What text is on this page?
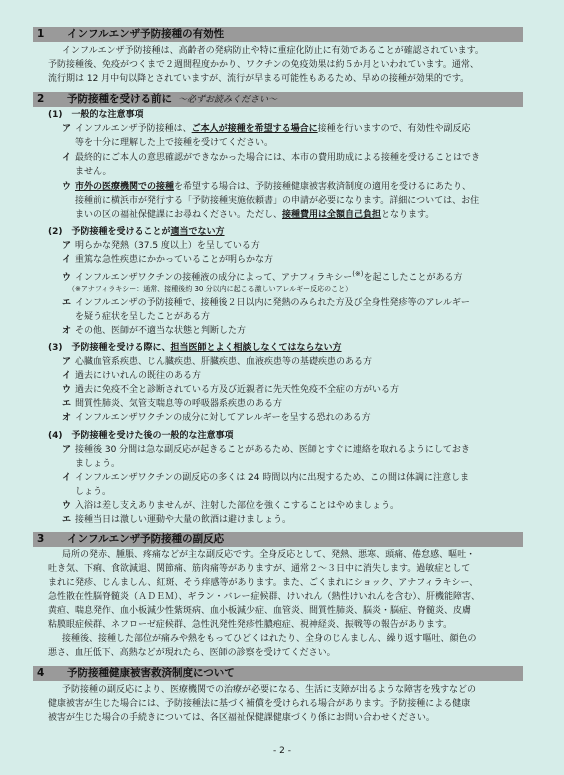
1 インフルエンザ予防接種の有効性
インフルエンザ予防接種は、高齢者の発病防止や特に重症化防止に有効であることが確認されています。
予防接種後、免疫がつくまで２週間程度かかり、ワクチンの免疫効果は約５か月といわれています。通常、
流行期は 12 月中旬以降とされていますが、流行が早まる可能性もあるため、早めの接種が効果的です。
2 予防接種を受ける前に ～必ずお読みください～
(1)　一般的な注意事項
ア インフルエンザ予防接種は、ご本人が接種を希望する場合に接種を行いますので、有効性や副反応
等を十分に理解した上で接種を受けてください。
イ 最終的にご本人の意思確認ができなかった場合には、本市の費用助成による接種を受けることはでき
ません。
ウ 市外の医療機関での接種を希望する場合は、予防接種健康被害救済制度の適用を受けるにあたり、
接種前に横浜市が発行する「予防接種実施依頼書」の申請が必要になります。詳細については、お住
まいの区の福祉保健課にお尋ねください。ただし、接種費用は全額自己負担となります。
(2)　予防接種を受けることが適当でない方
ア 明らかな発熱（37.5 度以上）を呈している方
イ 重篤な急性疾患にかかっていることが明らかな方
ウ インフルエンザワクチンの接種液の成分によって、アナフィラキシー(※)を起こしたことがある方
（※アナフィラキシー：通常、接種後約 30 分以内に起こる激しいアレルギー反応のこと）
エ インフルエンザの予防接種で、接種後２日以内に発熱のみられた方及び全身性発疹等のアレルギー
を疑う症状を呈したことがある方
オ その他、医師が不適当な状態と判断した方
(3)　予防接種を受ける際に、担当医師とよく相談しなくてはならない方
ア 心臓血管系疾患、じん臓疾患、肝臓疾患、血液疾患等の基礎疾患のある方
イ 過去にけいれんの既往のある方
ウ 過去に免疫不全と診断されている方及び近親者に先天性免疫不全症の方がいる方
エ 間質性肺炎、気管支喘息等の呼吸器系疾患のある方
オ インフルエンザワクチンの成分に対してアレルギーを呈する恐れのある方
(4)　予防接種を受けた後の一般的な注意事項
ア 接種後 30 分間は急な副反応が起きることがあるため、医師とすぐに連絡を取れるようにしておき
ましょう。
イ インフルエンザワクチンの副反応の多くは 24 時間以内に出現するため、この間は体調に注意しま
しょう。
ウ 入浴は差し支えありませんが、注射した部位を強くこすることはやめましょう。
エ 接種当日は激しい運動や大量の飲酒は避けましょう。
3 インフルエンザ予防接種の副反応
局所の発赤、腫脹、疼痛などが主な副反応です。全身反応として、発熱、悪寒、頭痛、倦怠感、嘔吐・
吐き気、下痢、食欲減退、関節痛、筋肉痛等がありますが、通常２～３日中に消失します。過敏症として
まれに発疹、じんましん、紅斑、そう痒感等があります。また、ごくまれにショック、アナフィラキシー、
急性散在性脳脊髄炎（ＡＤＥＭ）、ギラン・バレー症候群、けいれん（熱性けいれんを含む）、肝機能障害、
黄疸、喘息発作、血小板減少性紫斑病、血小板減少症、血管炎、間質性肺炎、脳炎・脳症、脊髄炎、皮膚
粘膜眼症候群、ネフローゼ症候群、急性汎発性発疹性膿疱症、視神経炎、振戦等の報告があります。
接種後、接種した部位が痛みや熱をもってひどくはれたり、全身のじんましん、繰り返す嘔吐、顔色の
悪さ、血圧低下、高熱などが現れたら、医師の診察を受けてください。
4 予防接種健康被害救済制度について
予防接種の副反応により、医療機関での治療が必要になる、生活に支障が出るような障害を残すなどの
健康被害が生じた場合には、予防接種法に基づく補償を受けられる場合があります。予防接種による健康
被害が生じた場合の手続きについては、各区福祉保健課健康づくり係にお問い合わせください。
- 2 -
